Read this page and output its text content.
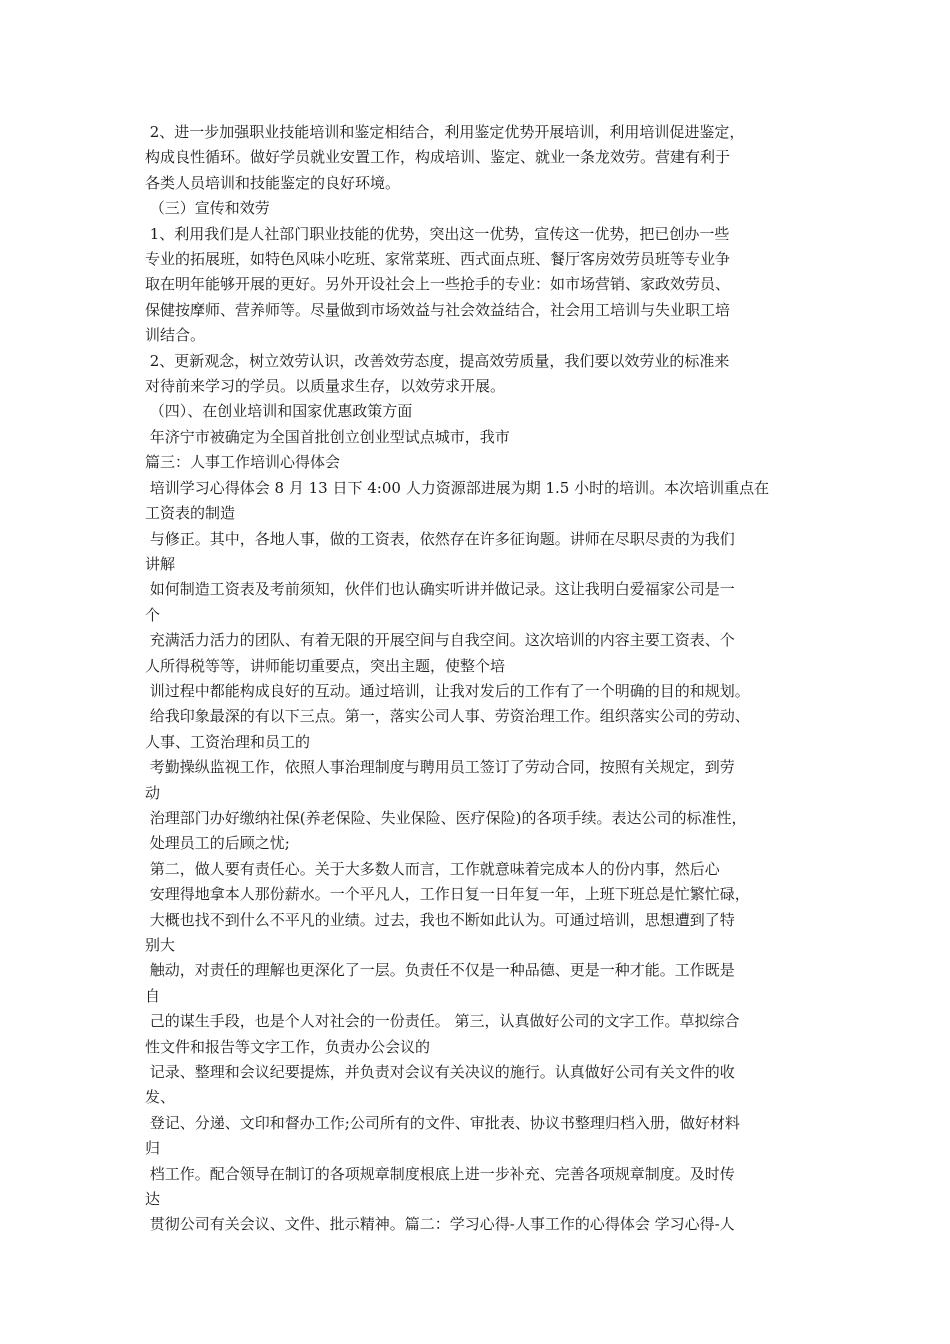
2、进一步加强职业技能培训和鉴定相结合，利用鉴定优势开展培训，利用培训促进鉴定，
构成良性循环。做好学员就业安置工作，构成培训、鉴定、就业一条龙效劳。营建有利于
各类人员培训和技能鉴定的良好环境。
（三）宣传和效劳
1、利用我们是人社部门职业技能的优势，突出这一优势，宣传这一优势，把已创办一些
专业的拓展班，如特色风味小吃班、家常菜班、西式面点班、餐厅客房效劳员班等专业争
取在明年能够开展的更好。另外开设社会上一些抢手的专业：如市场营销、家政效劳员、
保健按摩师、营养师等。尽量做到市场效益与社会效益结合，社会用工培训与失业职工培
训结合。
2、更新观念，树立效劳认识，改善效劳态度，提高效劳质量，我们要以效劳业的标准来
对待前来学习的学员。以质量求生存，以效劳求开展。
（四）、在创业培训和国家优惠政策方面
年济宁市被确定为全国首批创立创业型试点城市，我市
篇三：人事工作培训心得体会
培训学习心得体会 8 月 13 日下 4:00 人力资源部进展为期 1.5 小时的培训。本次培训重点在
工资表的制造
与修正。其中，各地人事，做的工资表，依然存在许多征询题。讲师在尽职尽责的为我们
讲解
如何制造工资表及考前须知，伙伴们也认确实听讲并做记录。这让我明白爱福家公司是一
个
充满活力活力的团队、有着无限的开展空间与自我空间。这次培训的内容主要工资表、个
人所得税等等，讲师能切重要点，突出主题，使整个培
训过程中都能构成良好的互动。通过培训，让我对发后的工作有了一个明确的目的和规划。
给我印象最深的有以下三点。第一，落实公司人事、劳资治理工作。组织落实公司的劳动、
人事、工资治理和员工的
考勤操纵监视工作，依照人事治理制度与聘用员工签订了劳动合同，按照有关规定，到劳
动
治理部门办好缴纳社保(养老保险、失业保险、医疗保险)的各项手续。表达公司的标准性，
处理员工的后顾之忧;
第二，做人要有责任心。关于大多数人而言，工作就意味着完成本人的份内事，然后心
安理得地拿本人那份薪水。一个平凡人，工作日复一日年复一年，上班下班总是忙繁忙碌，
大概也找不到什么不平凡的业绩。过去，我也不断如此认为。可通过培训，思想遭到了特
别大
触动，对责任的理解也更深化了一层。负责任不仅是一种品德、更是一种才能。工作既是
自
己的谋生手段，也是个人对社会的一份责任。 第三，认真做好公司的文字工作。草拟综合
性文件和报告等文字工作，负责办公会议的
记录、整理和会议纪要提炼，并负责对会议有关决议的施行。认真做好公司有关文件的收
发、
登记、分递、文印和督办工作;公司所有的文件、审批表、协议书整理归档入册，做好材料
归
档工作。配合领导在制订的各项规章制度根底上进一步补充、完善各项规章制度。及时传
达
贯彻公司有关会议、文件、批示精神。篇二：学习心得-人事工作的心得体会 学习心得-人
